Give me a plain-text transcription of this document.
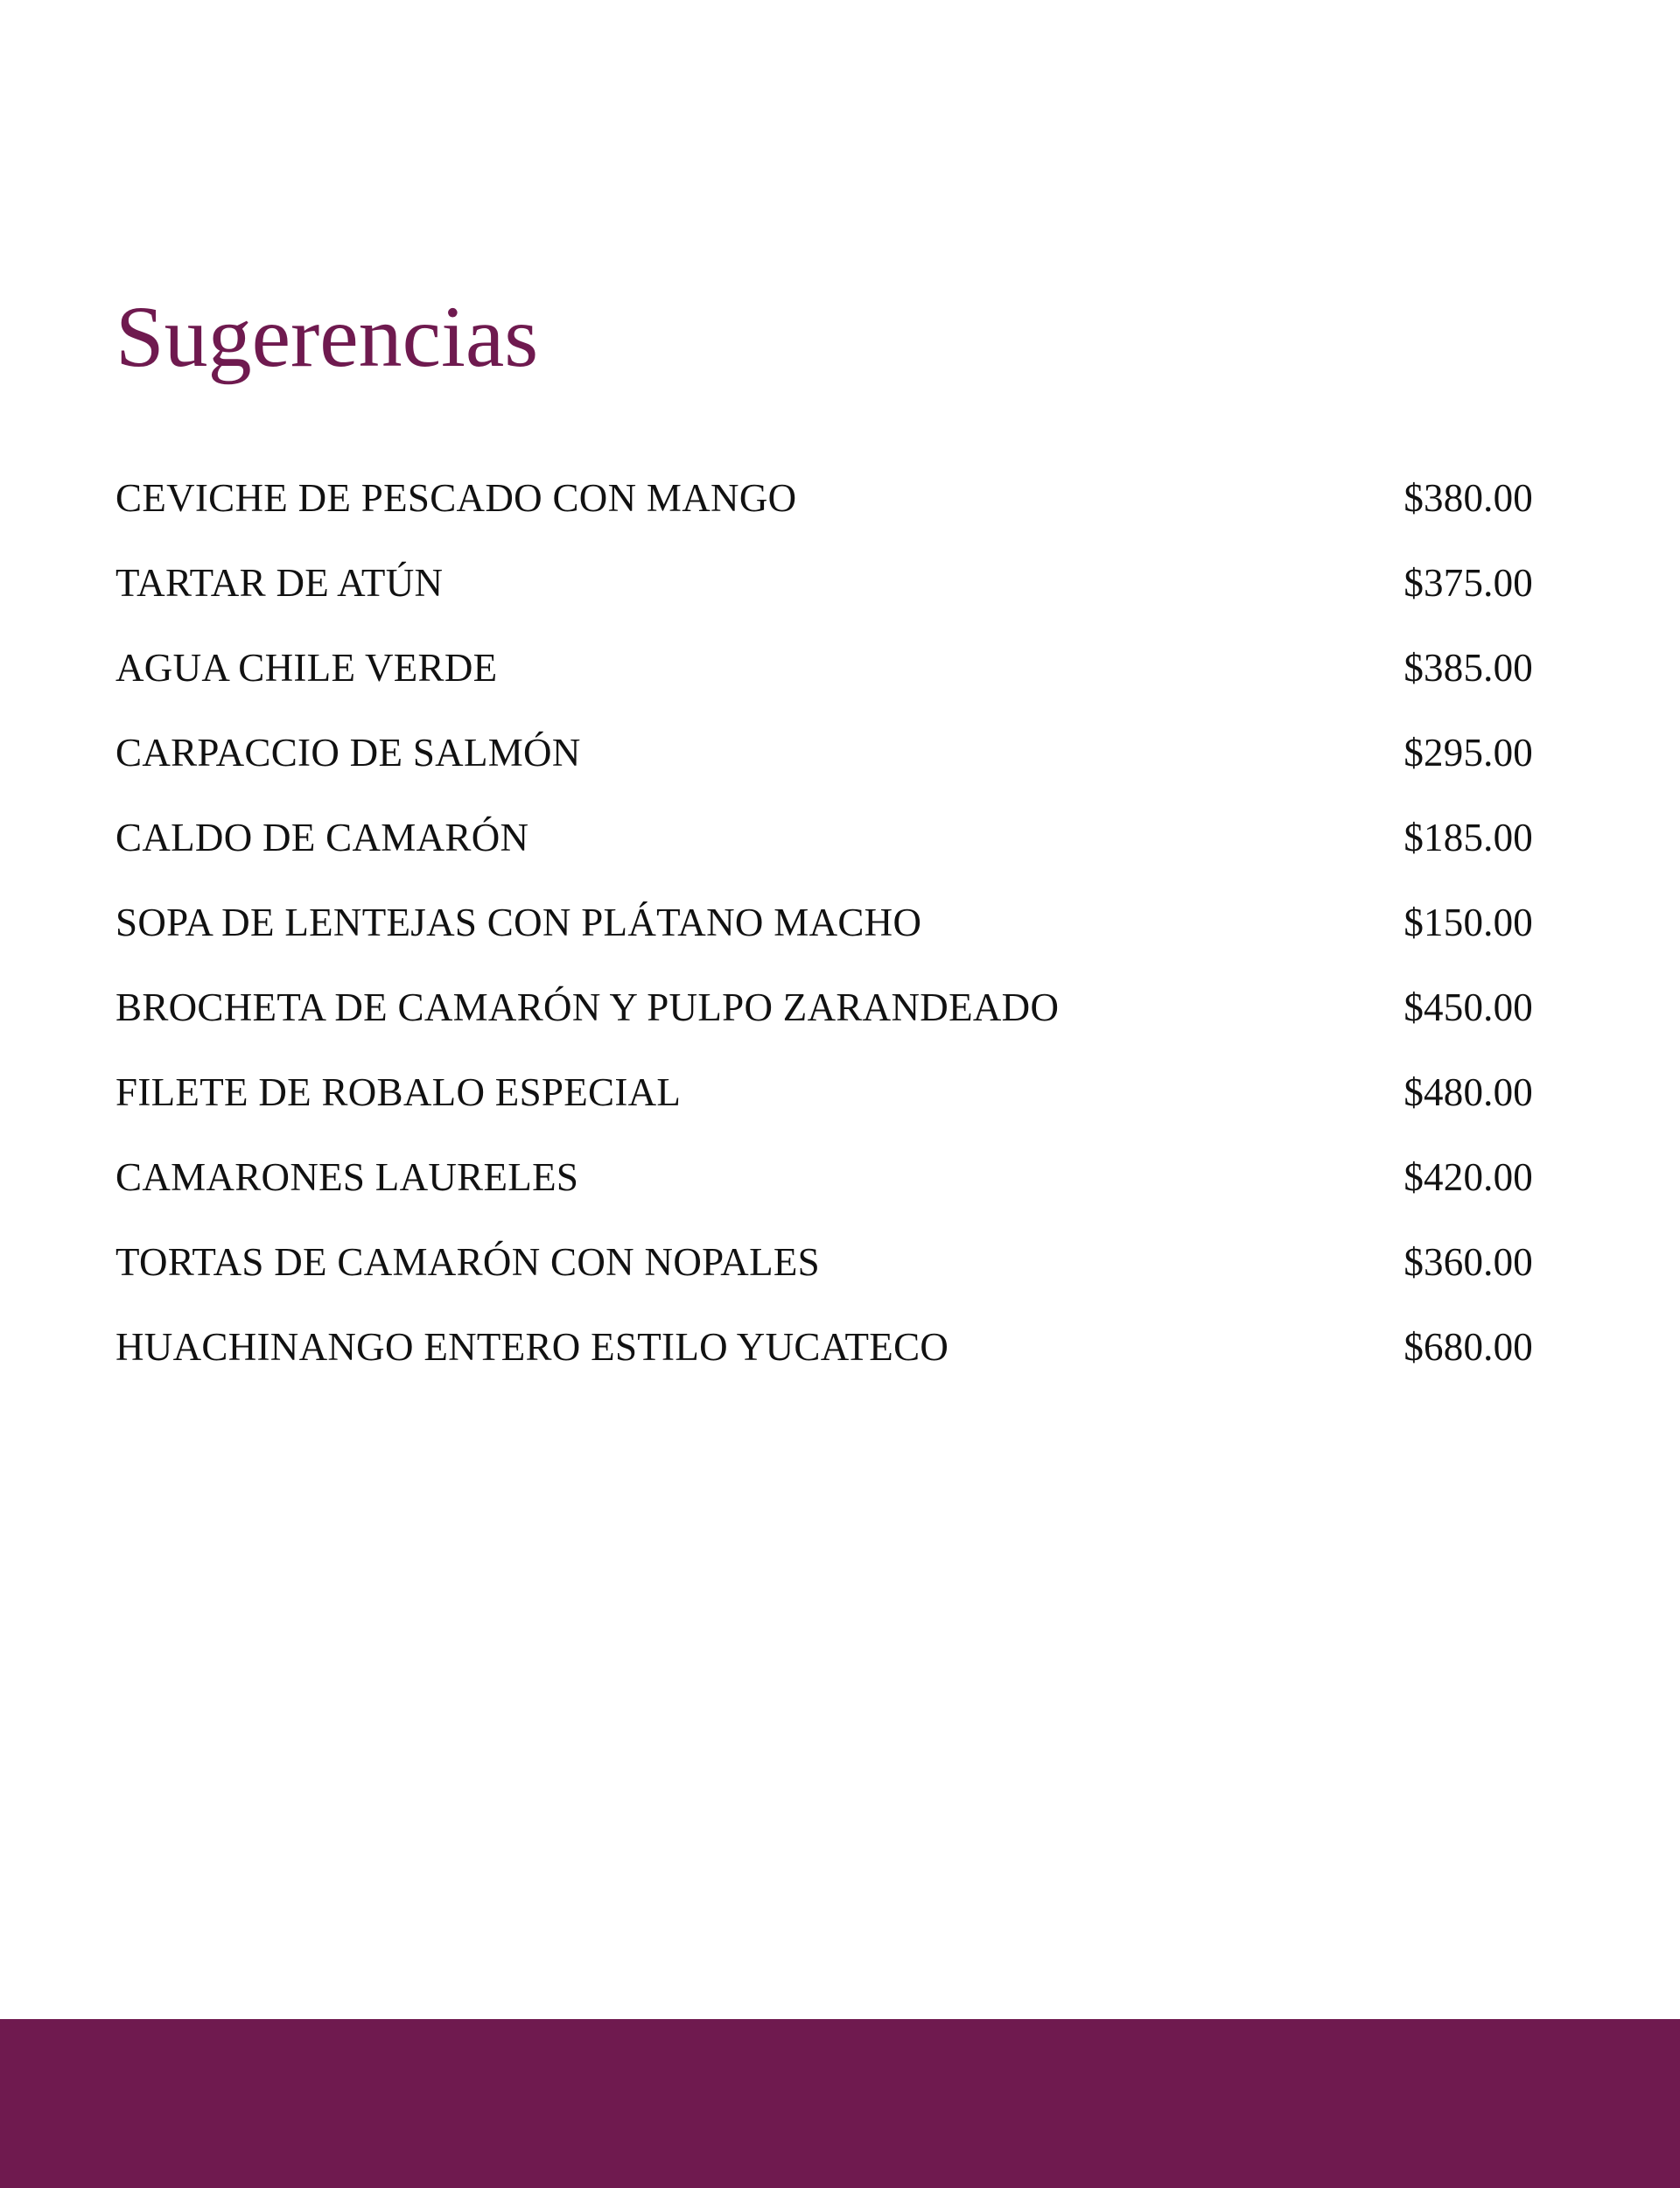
Sugerencias
CEVICHE DE PESCADO CON MANGO	$380.00
TARTAR DE ATÚN	$375.00
AGUA CHILE VERDE	$385.00
CARPACCIO DE SALMÓN	$295.00
CALDO DE CAMARÓN	$185.00
SOPA DE LENTEJAS CON PLÁTANO MACHO	$150.00
BROCHETA DE CAMARÓN Y PULPO ZARANDEADO	$450.00
FILETE DE ROBALO ESPECIAL	$480.00
CAMARONES LAURELES	$420.00
TORTAS DE CAMARÓN CON NOPALES	$360.00
HUACHINANGO ENTERO ESTILO YUCATECO	$680.00
